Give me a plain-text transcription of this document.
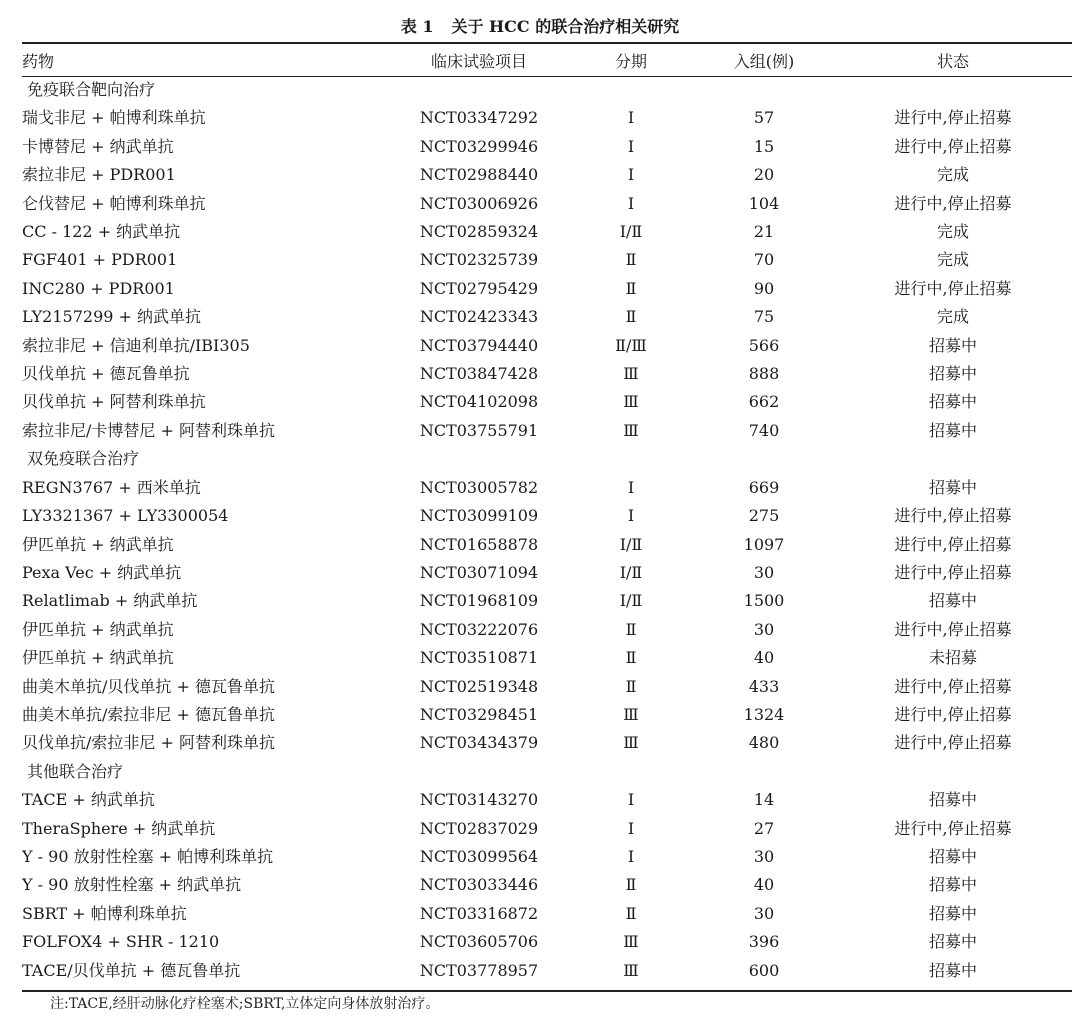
表 1 关于 HCC 的联合治疗相关研究
药物	临床试验项目	分期	入组(例)	状态
免疫联合靶向治疗				
瑞戈非尼 + 帕博利珠单抗	NCT03347292	Ⅰ	57	进行中,停止招募
卡博替尼 + 纳武单抗	NCT03299946	Ⅰ	15	进行中,停止招募
索拉非尼 + PDR001	NCT02988440	Ⅰ	20	完成
仑伐替尼 + 帕博利珠单抗	NCT03006926	Ⅰ	104	进行中,停止招募
CC - 122 + 纳武单抗	NCT02859324	Ⅰ/Ⅱ	21	完成
FGF401 + PDR001	NCT02325739	Ⅱ	70	完成
INC280 + PDR001	NCT02795429	Ⅱ	90	进行中,停止招募
LY2157299 + 纳武单抗	NCT02423343	Ⅱ	75	完成
索拉非尼 + 信迪利单抗/IBI305	NCT03794440	Ⅱ/Ⅲ	566	招募中
贝伐单抗 + 德瓦鲁单抗	NCT03847428	Ⅲ	888	招募中
贝伐单抗 + 阿替利珠单抗	NCT04102098	Ⅲ	662	招募中
索拉非尼/卡博替尼 + 阿替利珠单抗	NCT03755791	Ⅲ	740	招募中
双免疫联合治疗				
REGN3767 + 西米单抗	NCT03005782	Ⅰ	669	招募中
LY3321367 + LY3300054	NCT03099109	Ⅰ	275	进行中,停止招募
伊匹单抗 + 纳武单抗	NCT01658878	Ⅰ/Ⅱ	1097	进行中,停止招募
Pexa Vec + 纳武单抗	NCT03071094	Ⅰ/Ⅱ	30	进行中,停止招募
Relatlimab + 纳武单抗	NCT01968109	Ⅰ/Ⅱ	1500	招募中
伊匹单抗 + 纳武单抗	NCT03222076	Ⅱ	30	进行中,停止招募
伊匹单抗 + 纳武单抗	NCT03510871	Ⅱ	40	未招募
曲美木单抗/贝伐单抗 + 德瓦鲁单抗	NCT02519348	Ⅱ	433	进行中,停止招募
曲美木单抗/索拉非尼 + 德瓦鲁单抗	NCT03298451	Ⅲ	1324	进行中,停止招募
贝伐单抗/索拉非尼 + 阿替利珠单抗	NCT03434379	Ⅲ	480	进行中,停止招募
其他联合治疗				
TACE + 纳武单抗	NCT03143270	Ⅰ	14	招募中
TheraSphere + 纳武单抗	NCT02837029	Ⅰ	27	进行中,停止招募
Y - 90 放射性栓塞 + 帕博利珠单抗	NCT03099564	Ⅰ	30	招募中
Y - 90 放射性栓塞 + 纳武单抗	NCT03033446	Ⅱ	40	招募中
SBRT + 帕博利珠单抗	NCT03316872	Ⅱ	30	招募中
FOLFOX4 + SHR - 1210	NCT03605706	Ⅲ	396	招募中
TACE/贝伐单抗 + 德瓦鲁单抗	NCT03778957	Ⅲ	600	招募中
注:TACE,经肝动脉化疗栓塞术;SBRT,立体定向身体放射治疗。
